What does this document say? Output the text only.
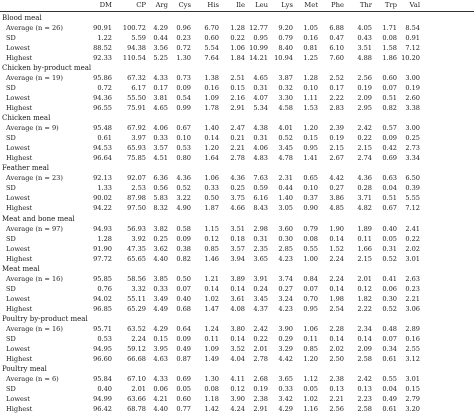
DM	CP Arg Cys His	Ile Leu Lys Met Phe Thr Trp Val
Blood meal
Average (n = 26)	90.91 100.72 4.29 0.96 6.70 1.28 12.77 9.20 1.05 6.88 4.05 1.71 8.54
SD	1.22	5.59 0.44 0.23 0.60 0.22 0.95 0.79 0.16 0.47 0.43 0.08 0.91
Lowest	88.52 94.38 3.56 0.72 5.54 1.06 10.99 8.40 0.81 6.10 3.51 1.58 7.12
Highest	92.33 110.54 5.25 1.30 7.64 1.84 14.21 10.94 1.25 7.60 4.88 1.86 10.20
Chicken by-product meal
Average (n = 19)	95.86 67.32 4.33 0.73 1.38 2.51 4.65 3.87 1.28 2.52 2.56 0.60 3.00
SD	0.72	6.17 0.17 0.09 0.16 0.15 0.31 0.32 0.10 0.17 0.19 0.07 0.19
Lowest	94.36 55.50 3.81 0.54 1.09 2.16 4.07 3.30 1.11 2.22 2.09 0.51 2.60
Highest	96.55 75.91 4.65 0.99 1.78 2.91 5.34 4.58 1.53 2.83 2.95 0.82 3.38
Chicken meal
Average (n = 9)	95.48 67.92 4.06 0.67 1.40 2.47 4.38 4.01 1.20 2.39 2.42 0.57 3.00
SD	0.61	3.97 0.33 0.10 0.14 0.21 0.31 0.52 0.15 0.19 0.22 0.09 0.25
Lowest	94.53 65.93 3.57 0.53 1.20 2.21 4.06 3.45 0.95 2.15 2.15 0.42 2.73
Highest	96.64 75.85 4.51 0.80 1.64 2.78 4.83 4.78 1.41 2.67 2.74 0.69 3.34
Feather meal
Average (n = 23)	92.13 92.07 6.36 4.36 1.06 4.36 7.63 2.31 0.65 4.42 4.36 0.63 6.50
SD	1.33	2.53 0.56 0.52 0.33 0.25 0.59 0.44 0.10 0.27 0.28 0.04 0.39
Lowest	90.02 87.98 5.83 3.22 0.50 3.75 6.16 1.40 0.37 3.86 3.71 0.51 5.55
Highest	94.22 97.50 8.32 4.90 1.87 4.66 8.43 3.05 0.90 4.85 4.82 0.67 7.12
Meat and bone meal
Average (n = 97)	94.93 56.93 3.82 0.58 1.15 3.51 2.98 3.60 0.79 1.90 1.89 0.40 2.41
SD	1.28	3.92 0.25 0.09 0.12 0.18 0.31 0.30 0.08 0.14 0.11 0.05 0.22
Lowest	91.90 47.35 3.62 0.38 0.85 3.57 2.35 2.85 0.55 1.52 1.66 0.31 2.02
Highest	97.72 65.65 4.40 0.82 1.46 3.94 3.65 4.23 1.00 2.24 2.15 0.52 3.01
Meat meal
Average (n = 16)	95.85 58.56 3.85 0.50 1.21 3.89 3.91 3.74 0.84 2.24 2.01 0.41 2.63
SD	0.76	3.32 0.33 0.07 0.14 0.14 0.24 0.27 0.07 0.14 0.12 0.06 0.23
Lowest	94.02 55.11 3.49 0.40 1.02 3.61 3.45 3.24 0.70 1.98 1.82 0.30 2.21
Highest	96.85 65.29 4.49 0.68 1.47 4.08 4.37 4.23 0.95 2.54 2.22 0.52 3.06
Poultry by-product meal
Average (n = 16)	95.71 63.52 4.29 0.64 1.24 3.80 2.42 3.90 1.06 2.28 2.34 0.48 2.89
SD	0.53	2.24 0.15 0.09 0.11 0.14 0.22 0.29 0.11 0.14 0.14 0.07 0.16
Lowest	94.95 59.12 3.95 0.49 1.09 3.52 2.01 3.29 0.85 2.02 2.09 0.34 2.55
Highest	96.60 66.68 4.63 0.87 1.49 4.04 2.78 4.42 1.20 2.50 2.58 0.61 3.12
Poultry meal
Average (n = 6)	95.84 67.10 4.33 0.69 1.30 4.11 2.68 3.65 1.12 2.38 2.42 0.55 3.01
SD	0.40	2.01 0.06 0.05 0.08 0.12 0.19 0.33 0.05 0.13 0.13 0.04 0.15
Lowest	94.99 63.66 4.21 0.60 1.18 3.90 2.38 3.42 1.02 2.21 2.23 0.49 2.79
Highest	96.42 68.78 4.40 0.77 1.42 4.24 2.91 4.29 1.16 2.56 2.58 0.61 3.20
